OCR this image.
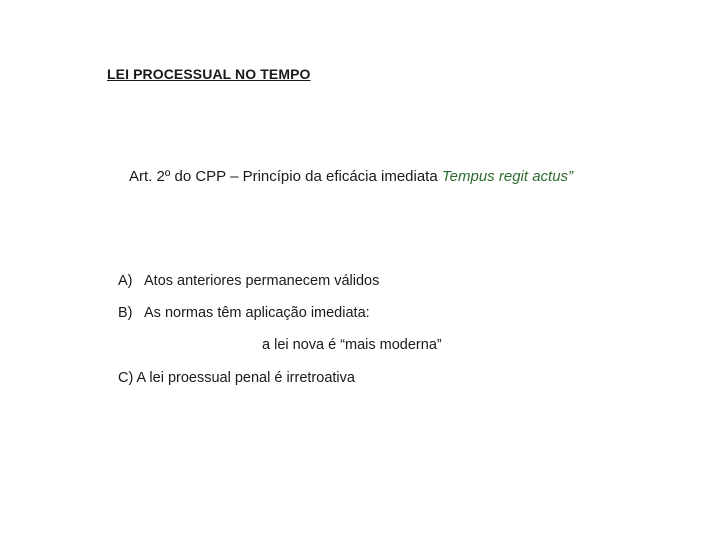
LEI PROCESSUAL NO TEMPO
Art. 2º do CPP – Princípio da eficácia imediata Tempus regit actus”
A) Atos anteriores permanecem válidos
B) As normas têm aplicação imediata:
a lei nova é “mais moderna”
C) A lei proessual penal é irretroativa
